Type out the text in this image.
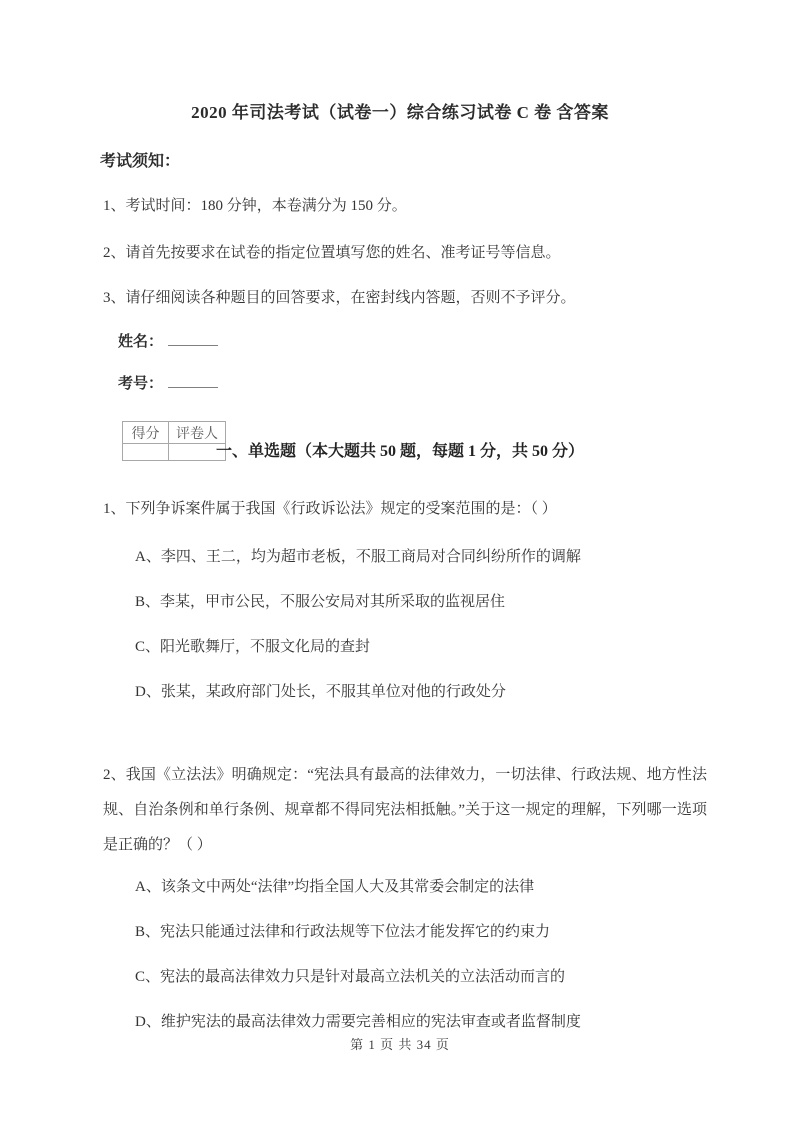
2020 年司法考试（试卷一）综合练习试卷 C 卷 含答案
考试须知：
1、考试时间：180 分钟，本卷满分为 150 分。
2、请首先按要求在试卷的指定位置填写您的姓名、准考证号等信息。
3、请仔细阅读各种题目的回答要求，在密封线内答题，否则不予评分。
姓名：
考号：
得分	评卷人

一、单选题（本大题共 50 题，每题 1 分，共 50 分）
1、下列争诉案件属于我国《行政诉讼法》规定的受案范围的是：（ ）
A、李四、王二，均为超市老板，不服工商局对合同纠纷所作的调解
B、李某，甲市公民，不服公安局对其所采取的监视居住
C、阳光歌舞厅，不服文化局的查封
D、张某，某政府部门处长，不服其单位对他的行政处分
2、我国《立法法》明确规定：“宪法具有最高的法律效力，一切法律、行政法规、地方性法规、自治条例和单行条例、规章都不得同宪法相抵触。”关于这一规定的理解，下列哪一选项是正确的？（ ）
A、该条文中两处“法律”均指全国人大及其常委会制定的法律
B、宪法只能通过法律和行政法规等下位法才能发挥它的约束力
C、宪法的最高法律效力只是针对最高立法机关的立法活动而言的
D、维护宪法的最高法律效力需要完善相应的宪法审查或者监督制度
第 1 页 共 34 页
